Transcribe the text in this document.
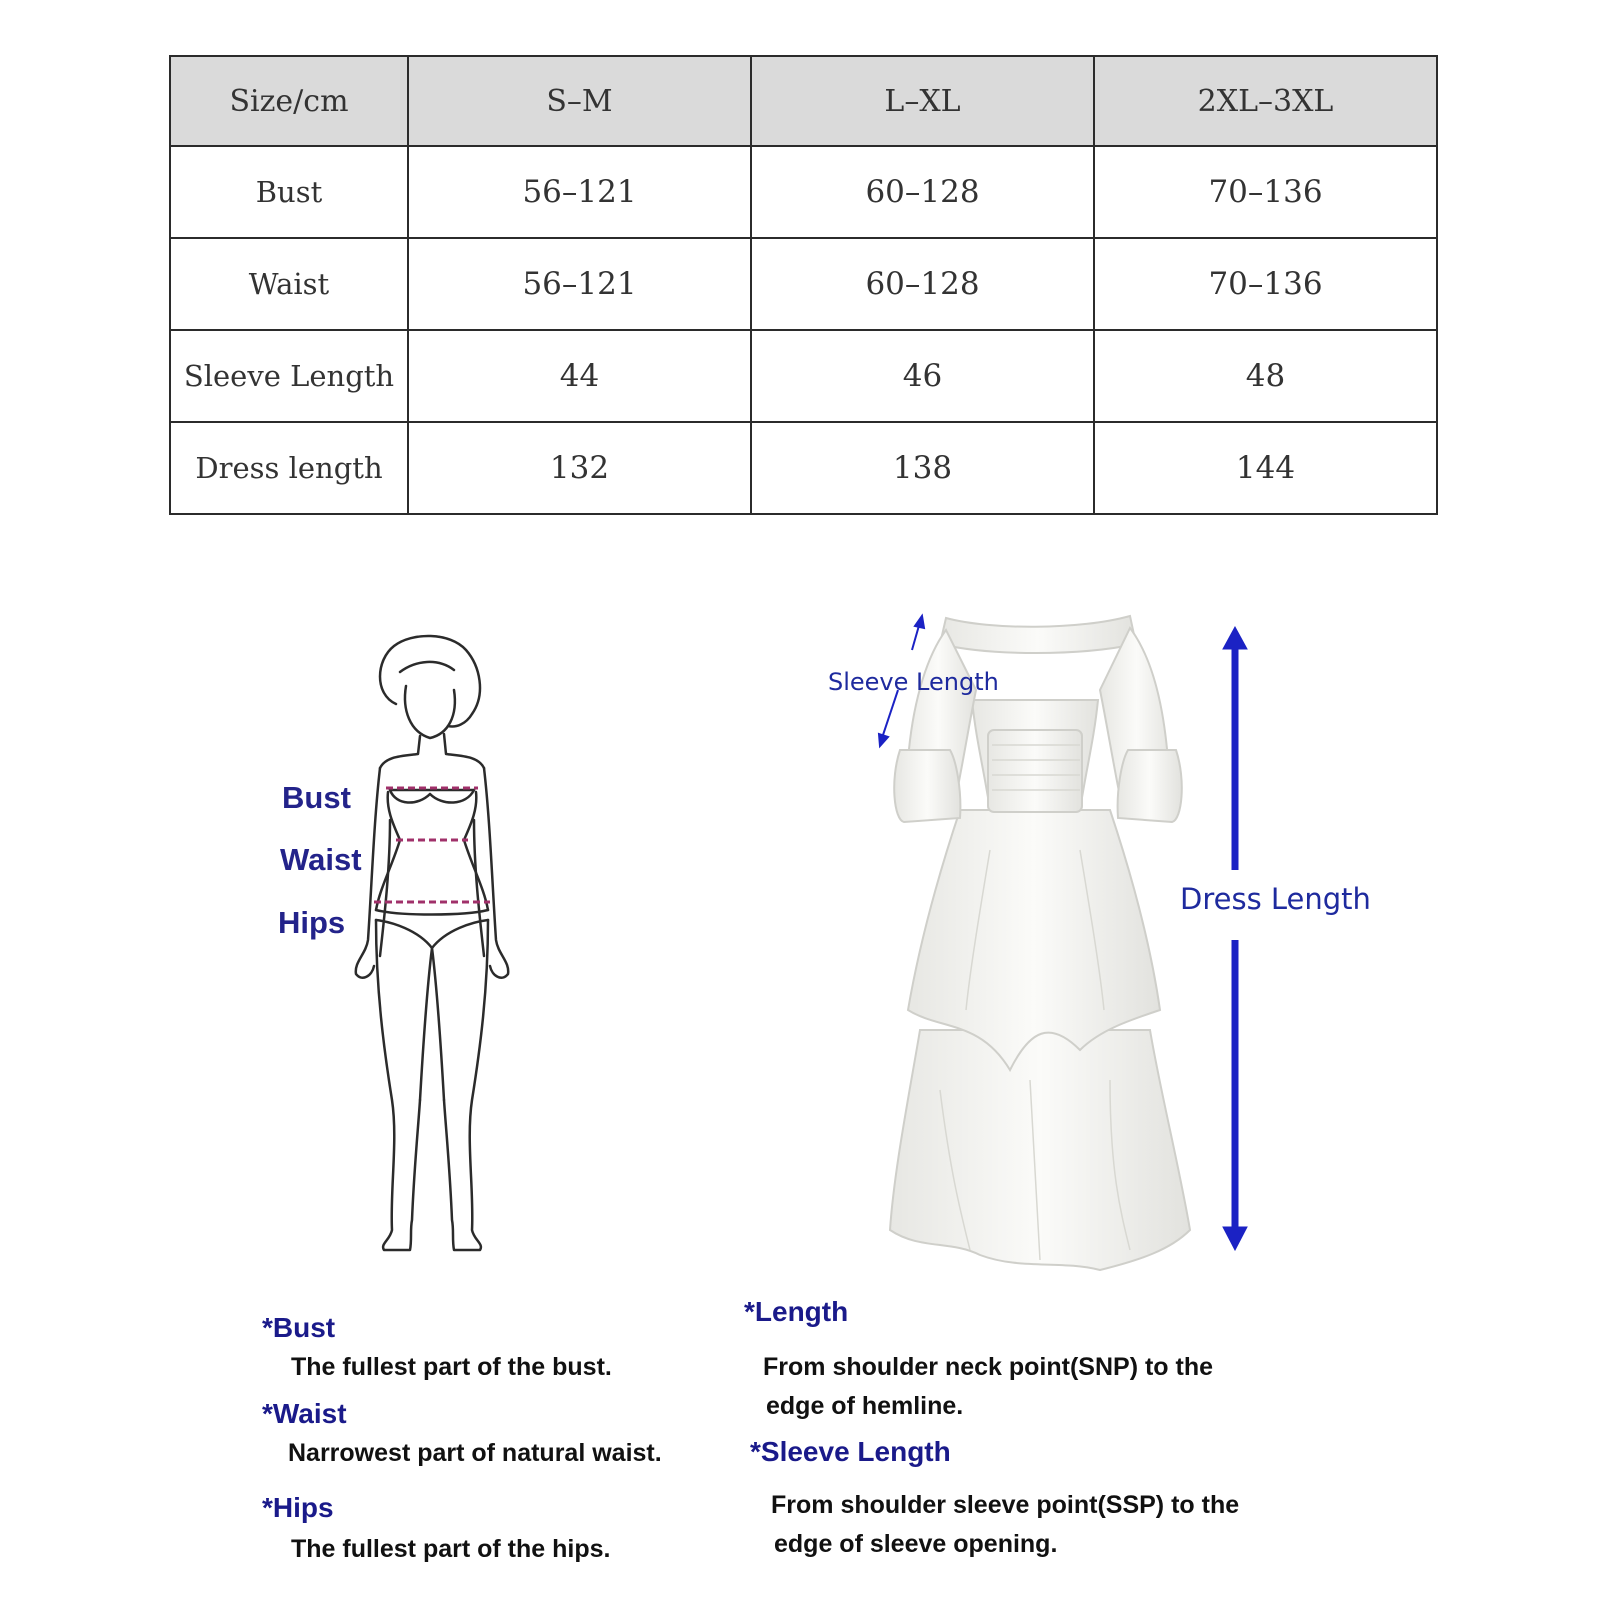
Size/cm	S–M	L–XL	2XL–3XL
Bust	56–121	60–128	70–136
Waist	56–121	60–128	70–136
Sleeve Length	44	46	48
Dress length	132	138	144
Bust
Waist
Hips
Sleeve Length
Dress Length
*Bust
The fullest part of the bust.
*Waist
Narrowest part of natural waist.
*Hips
The fullest part of the hips.
*Length
From shoulder neck point(SNP) to the
edge of hemline.
*Sleeve Length
From shoulder sleeve point(SSP) to the
edge of sleeve opening.
